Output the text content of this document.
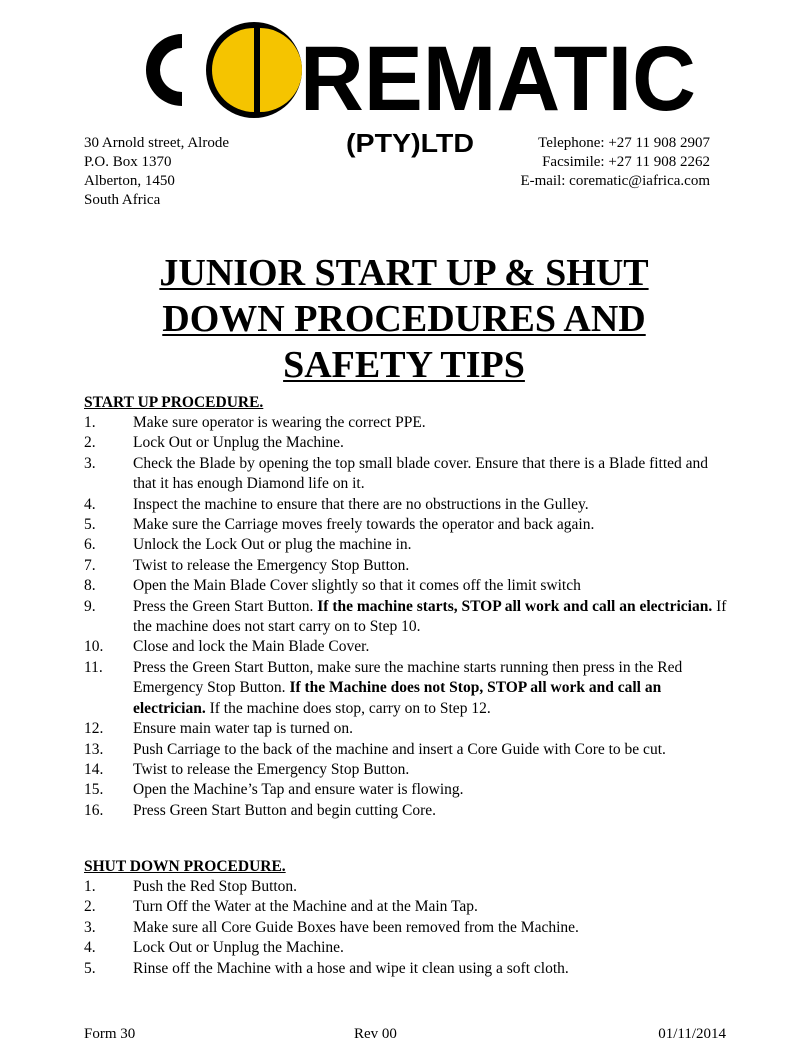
REMATIC
(PTY)LTD
30 Arnold street, Alrode
P.O. Box 1370
Alberton, 1450
South Africa
Telephone: +27 11 908 2907
Facsimile: +27 11 908 2262
E-mail: corematic@iafrica.com
JUNIOR START UP & SHUT
DOWN PROCEDURES AND
SAFETY TIPS
START UP PROCEDURE.
1. Make sure operator is wearing the correct PPE.
2. Lock Out or Unplug the Machine.
3. Check the Blade by opening the top small blade cover. Ensure that there is a Blade fitted and that it has enough Diamond life on it.
4. Inspect the machine to ensure that there are no obstructions in the Gulley.
5. Make sure the Carriage moves freely towards the operator and back again.
6. Unlock the Lock Out or plug the machine in.
7. Twist to release the Emergency Stop Button.
8. Open the Main Blade Cover slightly so that it comes off the limit switch
9. Press the Green Start Button. If the machine starts, STOP all work and call an electrician. If the machine does not start carry on to Step 10.
10. Close and lock the Main Blade Cover.
11. Press the Green Start Button, make sure the machine starts running then press in the Red Emergency Stop Button. If the Machine does not Stop, STOP all work and call an electrician. If the machine does stop, carry on to Step 12.
12. Ensure main water tap is turned on.
13. Push Carriage to the back of the machine and insert a Core Guide with Core to be cut.
14. Twist to release the Emergency Stop Button.
15. Open the Machine’s Tap and ensure water is flowing.
16. Press Green Start Button and begin cutting Core.
SHUT DOWN PROCEDURE.
1. Push the Red Stop Button.
2. Turn Off the Water at the Machine and at the Main Tap.
3. Make sure all Core Guide Boxes have been removed from the Machine.
4. Lock Out or Unplug the Machine.
5. Rinse off the Machine with a hose and wipe it clean using a soft cloth.
Form 30	Rev 00	01/11/2014
